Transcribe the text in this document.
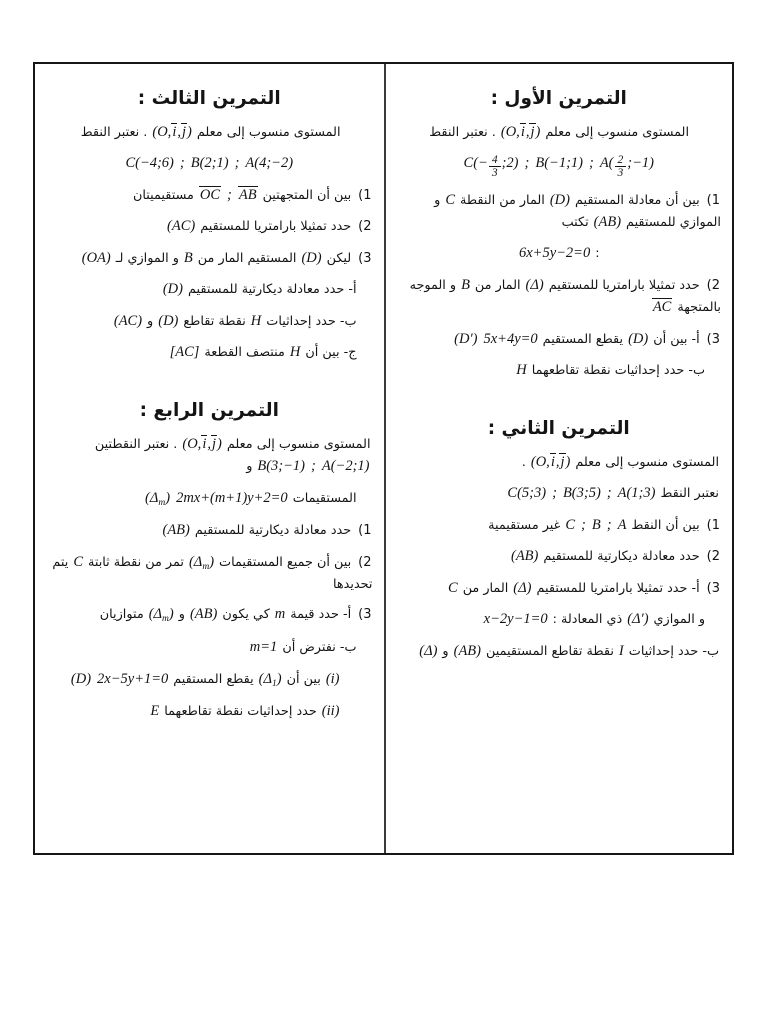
التمرين الأول :
المستوى منسوب إلى معلم(O,i,j). نعتبر النقط
$A( \frac{2}{3}$ ;−1);B(−1;1);C(− $\frac{4}{3}$ ;2)
(1بين أن معادلة المستقيم(D)المار من النقطةCو الموازي للمستقيم(AB)تكتب
:6x+5y−2=0
(2حدد تمثيلا بارامتريا للمستقيم(Δ)المار منBو الموجه بالمتجهةAC
(3أ- بين أن(D)يقطع المستقيم5x+4y=0(D′)
ب- حدد إحداثيات نقطة تقاطعهماH
التمرين الثاني :
المستوى منسوب إلى معلم(O,i,j).
نعتبر النقطA(1;3);B(3;5);C(5;3)
(1بين أن النقطA;B;Cغير مستقيمية
(2حدد معادلة ديكارتية للمستقيم(AB)
(3أ- حدد تمثيلا بارامتريا للمستقيم(Δ)المار منC
و الموازي(Δ′)ذي المعادلة :x−2y−1=0
ب- حدد إحداثياتIنقطة تقاطع المستقيمين(AB)و(Δ)
التمرين الثالث :
المستوى منسوب إلى معلم(O,i,j). نعتبر النقط
A(4;−2);B(2;1);C(−4;6)
(1بين أن المتجهتينAB;OCمستقيميتان
(2حدد تمثيلا بارامتريا للمستقيم(AC)
(3ليكن(D)المستقيم المار منBو الموازي لـ(OA)
أ- حدد معادلة ديكارتية للمستقيم(D)
ب- حدد إحداثياتHنقطة تقاطع(D)و(AC)
ج- بين أنHمنتصف القطعة[AC]
التمرين الرابع :
المستوى منسوب إلى معلم(O,i,j). نعتبر النقطتينA(−2;1);B(3;−1)و
$المستقيمات2mx+(m+1)y+2=0(\Delta_m)$
(1حدد معادلة ديكارتية للمستقيم(AB)
(2بين أن جميع $المستقيمات(\Delta_m)تمر$ من نقطة ثابتةCيتم تحديدها
(3أ- حدد قيمةmكي $يكون(AB)و(\Delta_m)متوازيان$
ب- نفترض أنm=1
(i)بين $أن(\Delta_1)يقطع$ المستقيم2x−5y+1=0(D)
(ii)حدد إحداثيات نقطة تقاطعهماE
